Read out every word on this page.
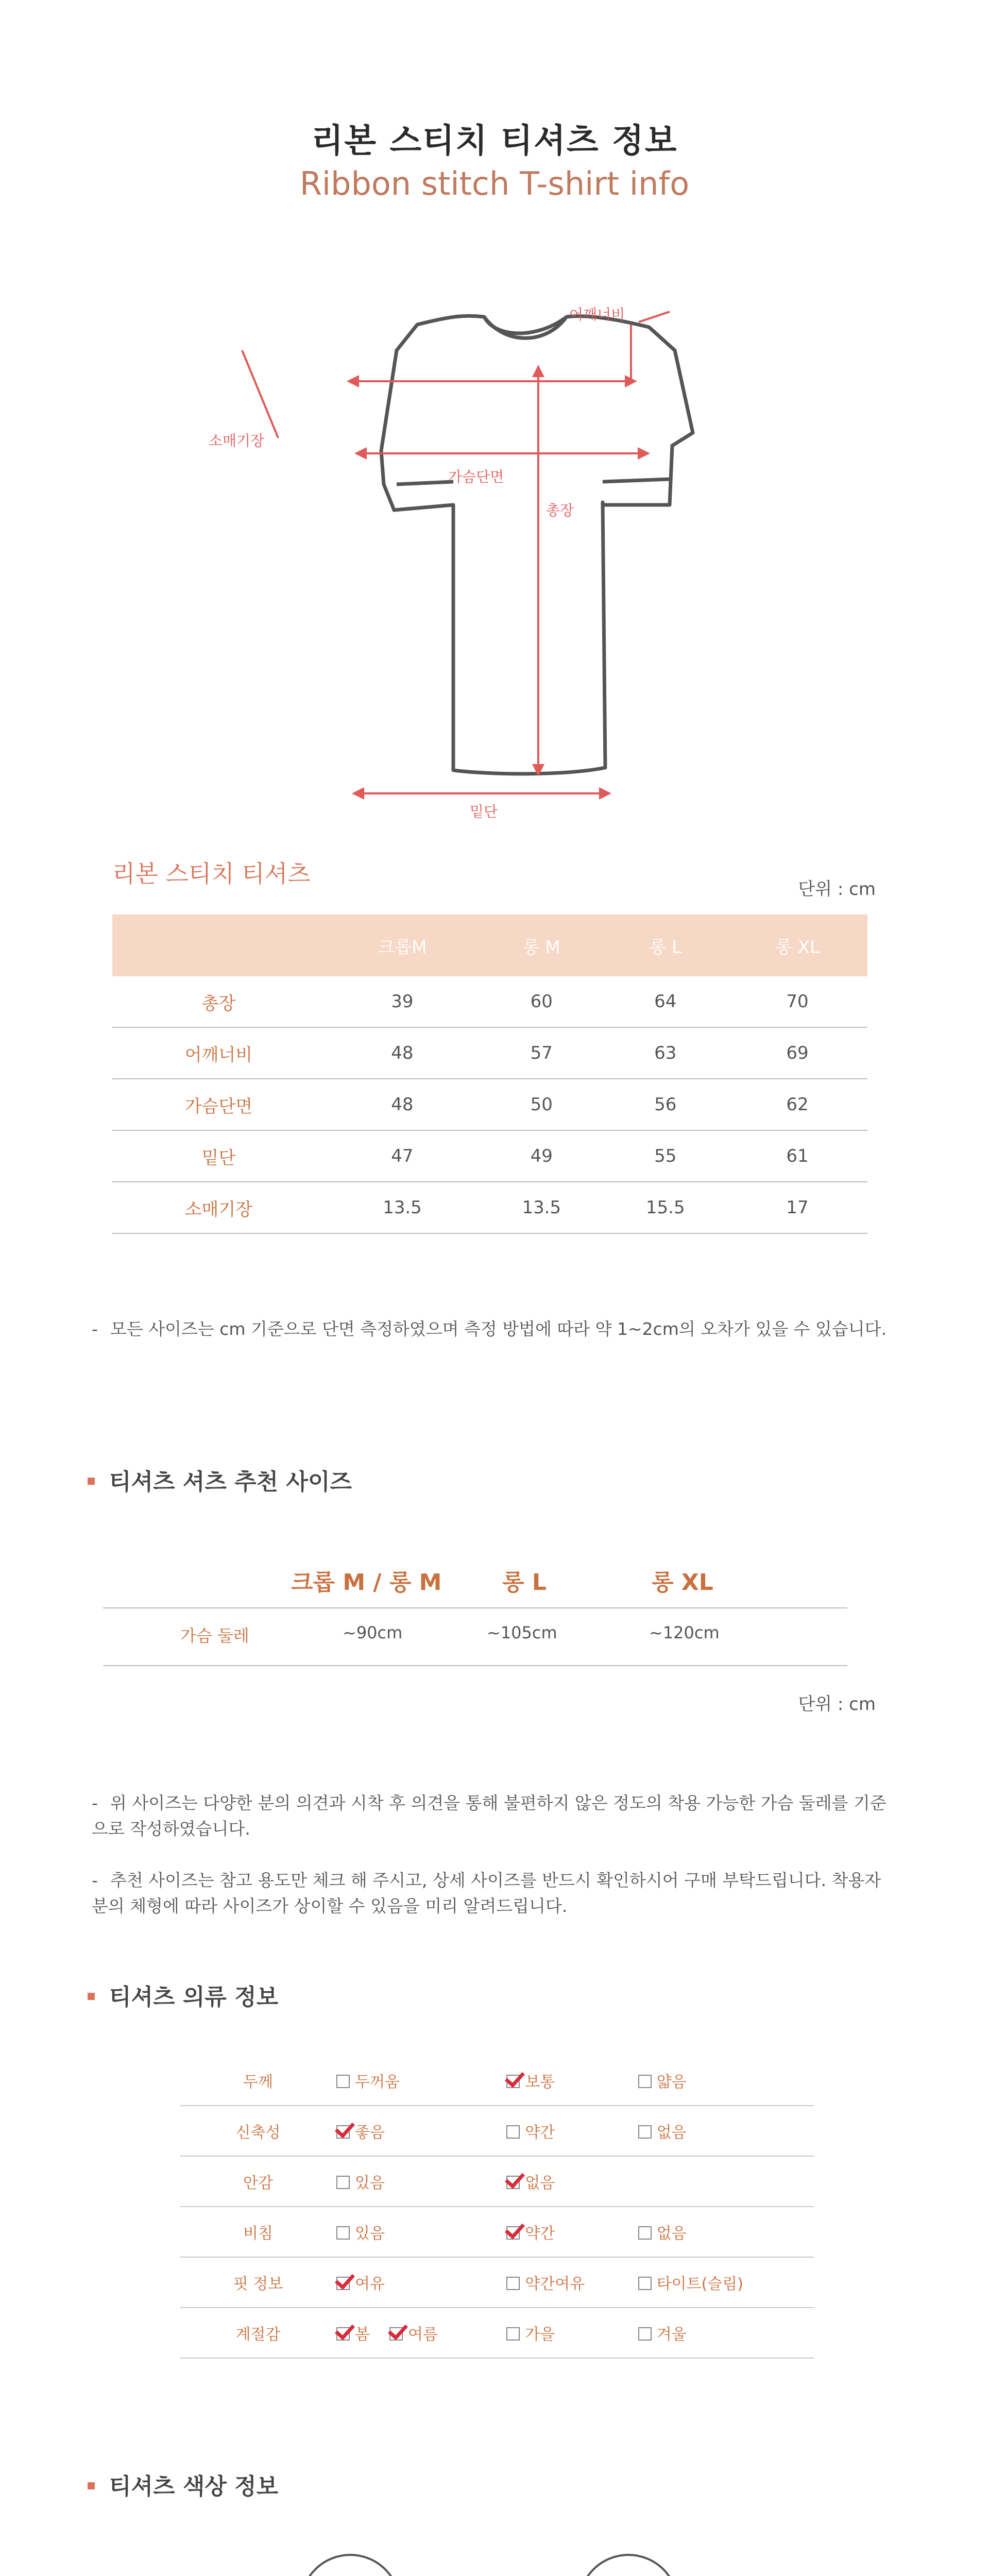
리본 스티치 티셔츠 정보
Ribbon stitch T-shirt info
어깨너비
소매기장
가슴단면
총장
밑단
리본 스티치 티셔츠
단위 : cm
	크롭M	롱 M	롱 L	롱 XL
총장	39	60	64	70
어깨너비	48	57	63	69
가슴단면	48	50	56	62
밑단	47	49	55	61
소매기장	13.5	13.5	15.5	17
- 모든 사이즈는 cm 기준으로 단면 측정하였으며 측정 방법에 따라 약 1~2cm의 오차가 있을 수 있습니다.
티셔츠 셔츠 추천 사이즈
크롭 M / 롱 M	롱 L	롱 XL
가슴 둘레	~90cm	~105cm	~120cm
단위 : cm
- 위 사이즈는 다양한 분의 의견과 시착 후 의견을 통해 불편하지 않은 정도의 착용 가능한 가슴 둘레를 기준으로 작성하였습니다.
- 추천 사이즈는 참고 용도만 체크 해 주시고, 상세 사이즈를 반드시 확인하시어 구매 부탁드립니다. 착용자분의 체형에 따라 사이즈가 상이할 수 있음을 미리 알려드립니다.
티셔츠 의류 정보
두께	두꺼움	보통	얇음
신축성	좋음	약간	없음
안감	있음	없음	
비침	있음	약간	없음
핏 정보	여유	약간여유	타이트(슬림)
계절감	봄 여름	가을	겨울
티셔츠 색상 정보
